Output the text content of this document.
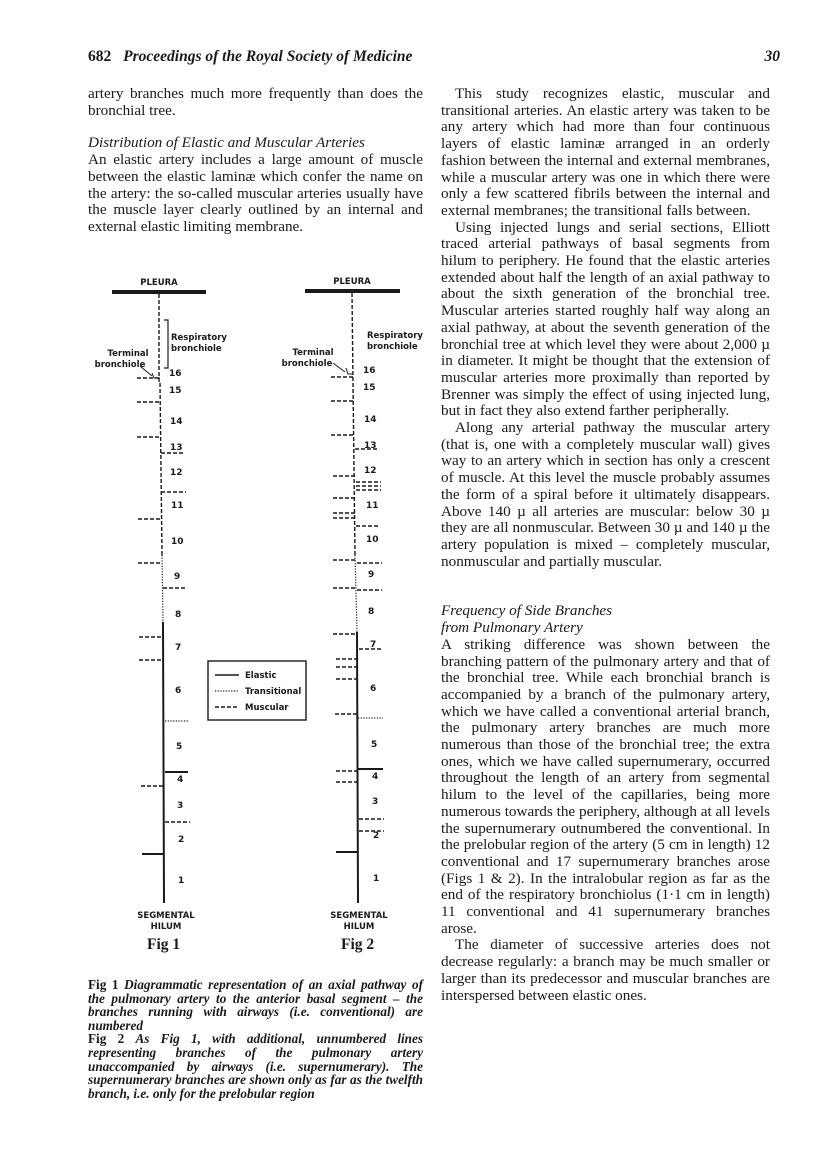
682 Proceedings of the Royal Society of Medicine	30

artery branches much more frequently than does the bronchial tree.

Distribution of Elastic and Muscular Arteries

An elastic artery includes a large amount of muscle between the elastic laminæ which confer the name on the artery: the so-called muscular arteries usually have the muscle layer clearly outlined by an internal and external elastic limiting membrane.

PLEURA
Respiratory
bronchiole
Terminal
bronchiole
SEGMENTAL
HILUM
PLEURA
Respiratory
bronchiole
Terminal
bronchiole
SEGMENTAL
HILUM
Elastic
Transitional
Muscular
16
15
14
13
12
11
10
9
8
7
6
5
4
3
2
1
16
15
14
13
12
11
10
9
8
7
6
5
4
3
2
1
Fig 1	Fig 2
Fig 1 Diagrammatic representation of an axial pathway of the pulmonary artery to the anterior basal segment – the branches running with airways (i.e. conventional) are numbered
Fig 2 As Fig 1, with additional, unnumbered lines representing branches of the pulmonary artery unaccompanied by airways (i.e. supernumerary). The supernumerary branches are shown only as far as the twelfth branch, i.e. only for the prelobular region

This study recognizes elastic, muscular and transitional arteries. An elastic artery was taken to be any artery which had more than four continuous layers of elastic laminæ arranged in an orderly fashion between the internal and external membranes, while a muscular artery was one in which there were only a few scattered fibrils between the internal and external membranes; the transitional falls between.

Using injected lungs and serial sections, Elliott traced arterial pathways of basal segments from hilum to periphery. He found that the elastic arteries extended about half the length of an axial pathway to about the sixth generation of the bronchial tree. Muscular arteries started roughly half way along an axial pathway, at about the seventh generation of the bronchial tree at which level they were about 2,000 µ in diameter. It might be thought that the extension of muscular arteries more proximally than reported by Brenner was simply the effect of using injected lung, but in fact they also extend farther peripherally.

Along any arterial pathway the muscular artery (that is, one with a completely muscular wall) gives way to an artery which in section has only a crescent of muscle. At this level the muscle probably assumes the form of a spiral before it ultimately disappears. Above 140 µ all arteries are muscular: below 30 µ they are all nonmuscular. Between 30 µ and 140 µ the artery population is mixed – completely muscular, nonmuscular and partially muscular.

Frequency of Side Branches

from Pulmonary Artery

A striking difference was shown between the branching pattern of the pulmonary artery and that of the bronchial tree. While each bronchial branch is accompanied by a branch of the pulmonary artery, which we have called a conventional arterial branch, the pulmonary artery branches are much more numerous than those of the bronchial tree; the extra ones, which we have called supernumerary, occurred throughout the length of an artery from segmental hilum to the level of the capillaries, being more numerous towards the periphery, although at all levels the supernumerary outnumbered the conventional. In the prelobular region of the artery (5 cm in length) 12 conventional and 17 supernumerary branches arose (Figs 1 & 2). In the intralobular region as far as the end of the respiratory bronchiolus (1·1 cm in length) 11 conventional and 41 supernumerary branches arose.

The diameter of successive arteries does not decrease regularly: a branch may be much smaller or larger than its predecessor and muscular branches are interspersed between elastic ones.
